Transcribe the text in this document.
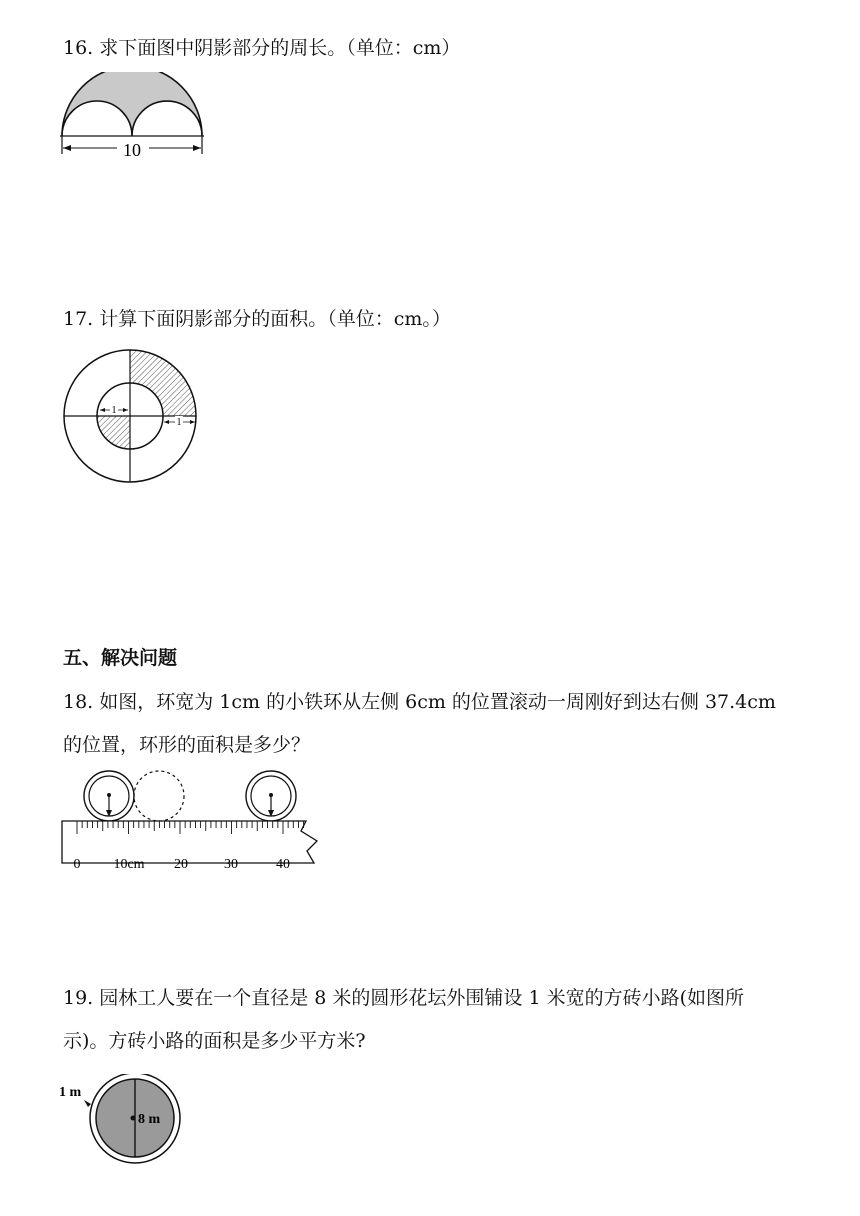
16. 求下面图中阴影部分的周长。（单位：cm）
10
17. 计算下面阴影部分的面积。（单位：cm。）
1
1
五、解决问题
18. 如图，环宽为 1cm 的小铁环从左侧 6cm 的位置滚动一周刚好到达右侧 37.4cm
的位置，环形的面积是多少？
0 10cm 20	30	40
19. 园林工人要在一个直径是 8 米的圆形花坛外围铺设 1 米宽的方砖小路(如图所
示)。方砖小路的面积是多少平方米?
8 m
1 m
